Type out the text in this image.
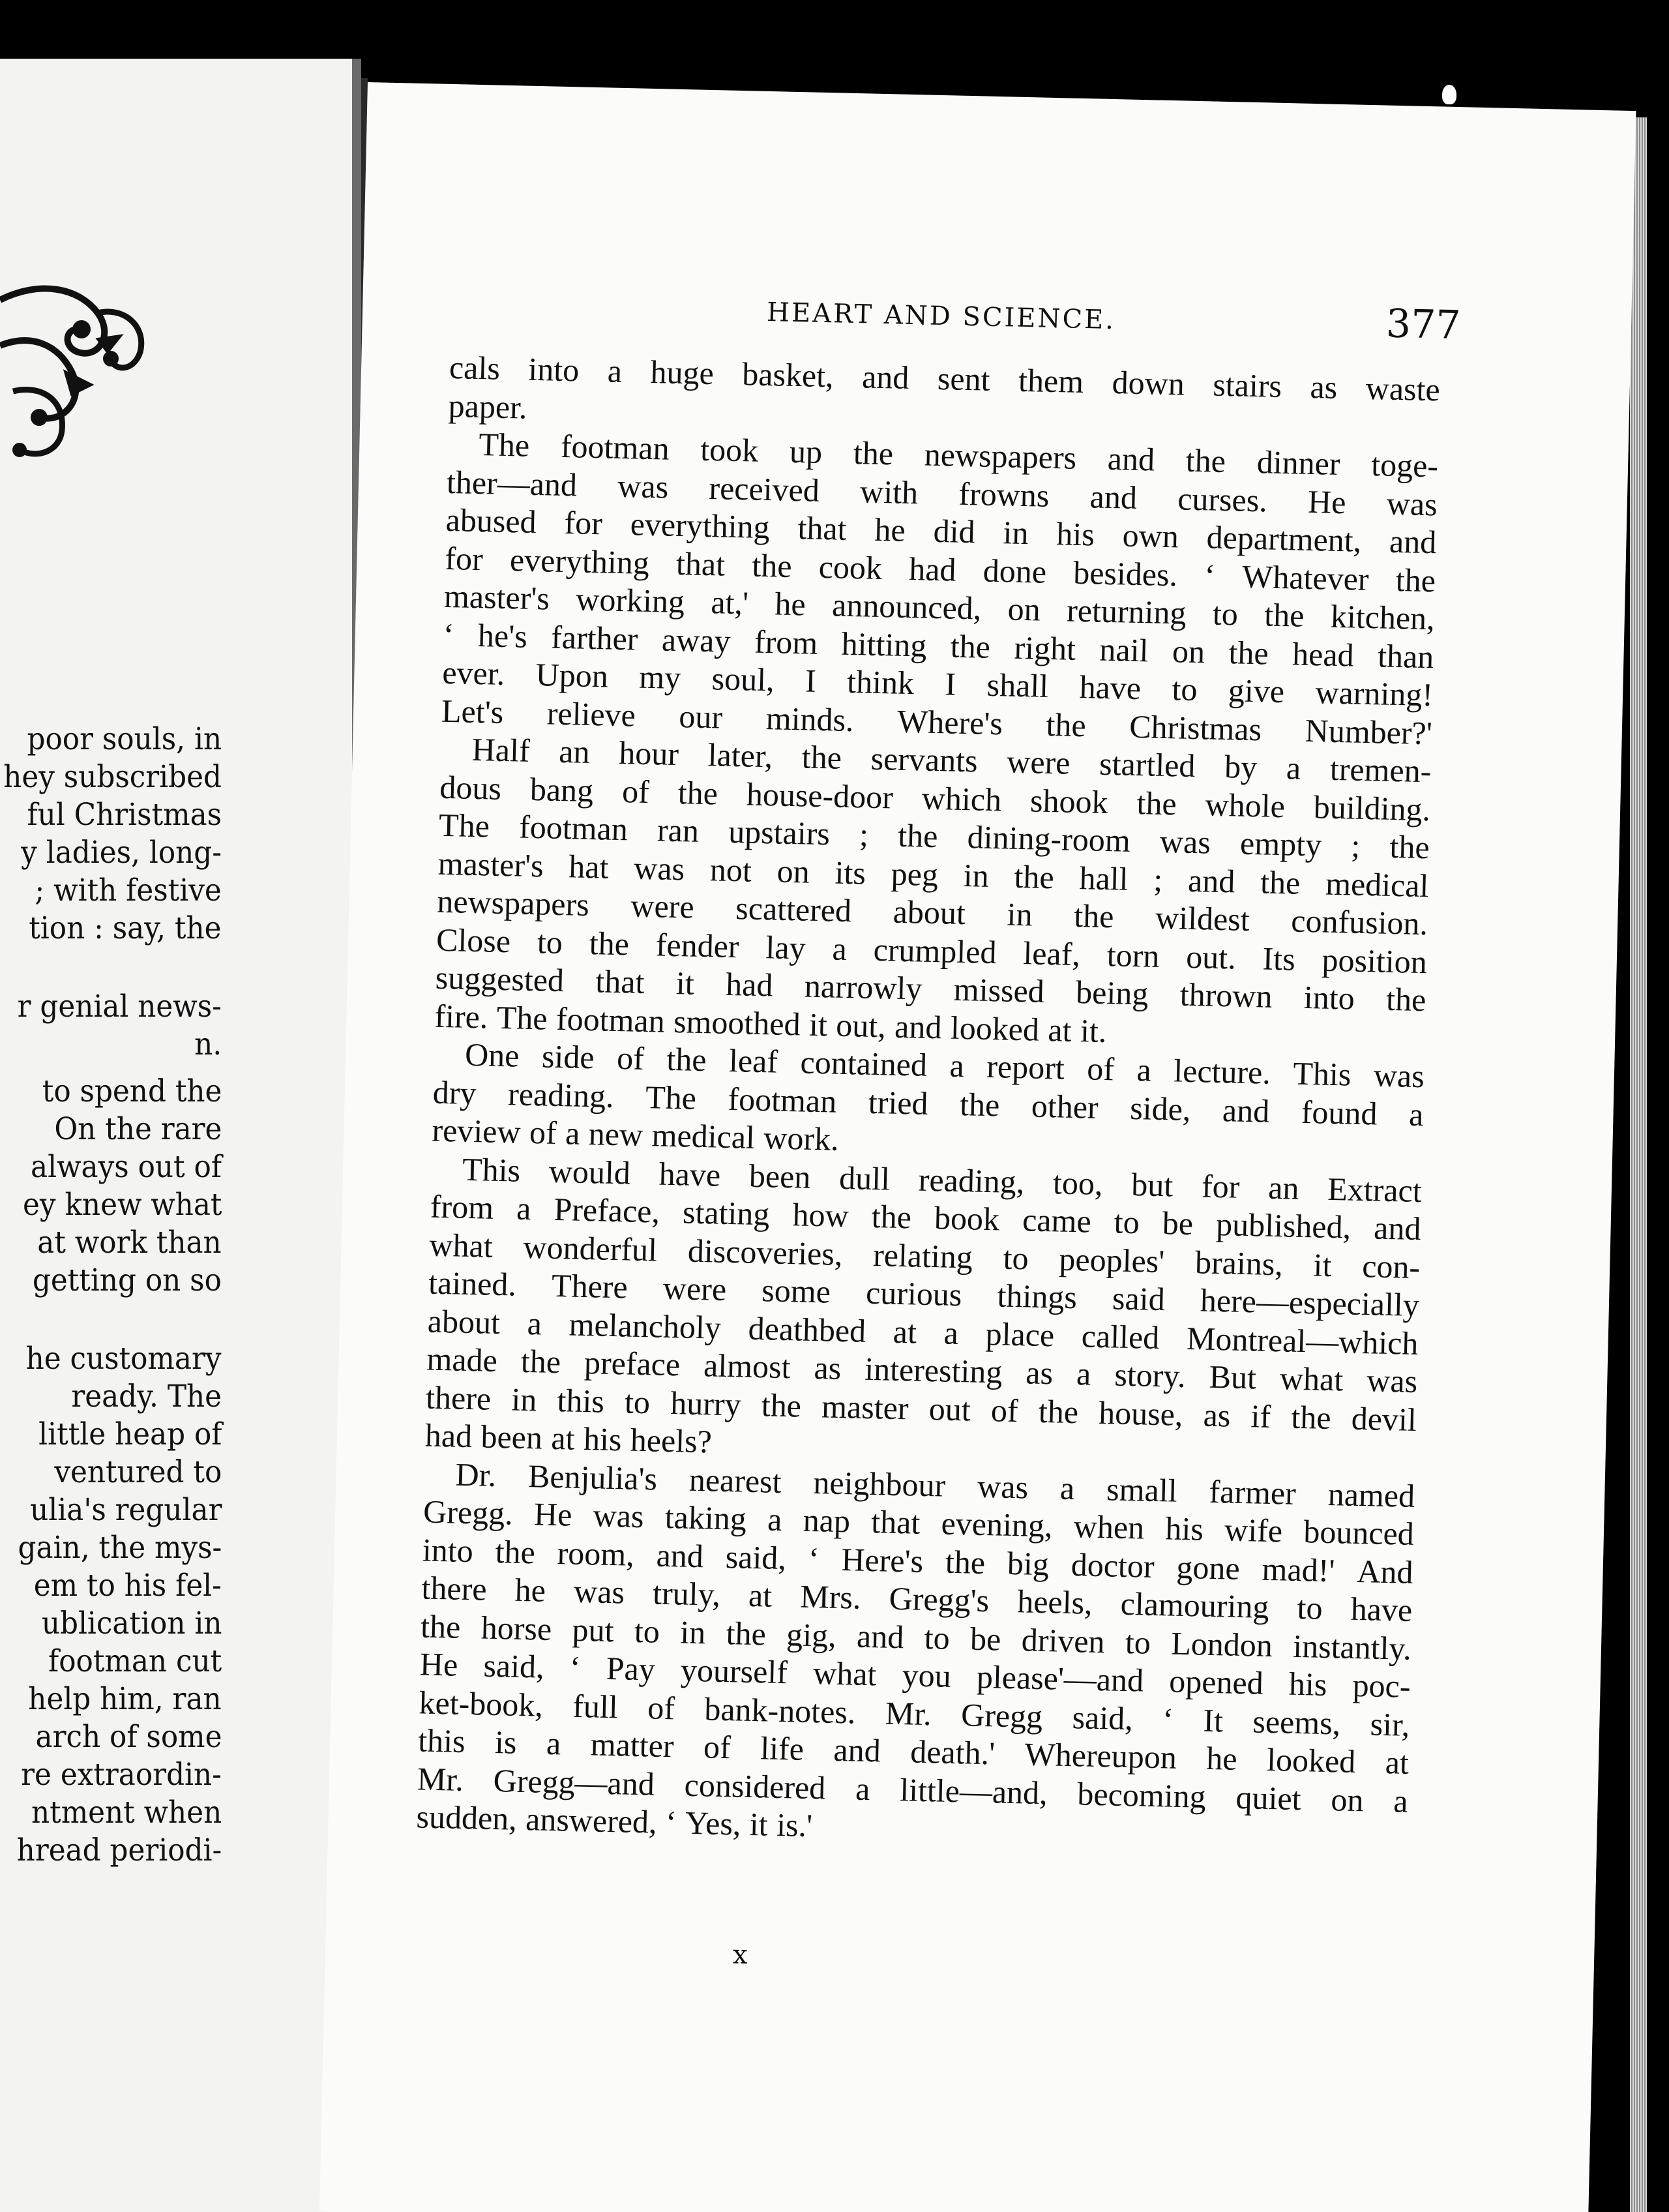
poor souls, in
hey subscribed
ful Christmas
y ladies, long-
; with festive
tion : say, the
r genial news-
n.
to spend the
On the rare
always out of
ey knew what
at work than
getting on so
he customary
ready. The
little heap of
ventured to
ulia's regular
gain, the mys-
em to his fel-
ublication in
footman cut
help him, ran
arch of some
re extraordin-
ntment when
hread periodi-
HEART AND SCIENCE.	377
cals into a huge basket, and sent them down stairs as waste
paper.
The footman took up the newspapers and the dinner toge-
ther—and was received with frowns and curses. He was
abused for everything that he did in his own department, and
for everything that the cook had done besides. ‘ Whatever the
master's working at,' he announced, on returning to the kitchen,
‘ he's farther away from hitting the right nail on the head than
ever. Upon my soul, I think I shall have to give warning!
Let's relieve our minds. Where's the Christmas Number?'
Half an hour later, the servants were startled by a tremen-
dous bang of the house-door which shook the whole building.
The footman ran upstairs ; the dining-room was empty ; the
master's hat was not on its peg in the hall ; and the medical
newspapers were scattered about in the wildest confusion.
Close to the fender lay a crumpled leaf, torn out. Its position
suggested that it had narrowly missed being thrown into the
fire. The footman smoothed it out, and looked at it.
One side of the leaf contained a report of a lecture. This was
dry reading. The footman tried the other side, and found a
review of a new medical work.
This would have been dull reading, too, but for an Extract
from a Preface, stating how the book came to be published, and
what wonderful discoveries, relating to peoples' brains, it con-
tained. There were some curious things said here—especially
about a melancholy deathbed at a place called Montreal—which
made the preface almost as interesting as a story. But what was
there in this to hurry the master out of the house, as if the devil
had been at his heels?
Dr. Benjulia's nearest neighbour was a small farmer named
Gregg. He was taking a nap that evening, when his wife bounced
into the room, and said, ‘ Here's the big doctor gone mad!' And
there he was truly, at Mrs. Gregg's heels, clamouring to have
the horse put to in the gig, and to be driven to London instantly.
He said, ‘ Pay yourself what you please'—and opened his poc-
ket-book, full of bank-notes. Mr. Gregg said, ‘ It seems, sir,
this is a matter of life and death.' Whereupon he looked at
Mr. Gregg—and considered a little—and, becoming quiet on a
sudden, answered, ‘ Yes, it is.'
x
